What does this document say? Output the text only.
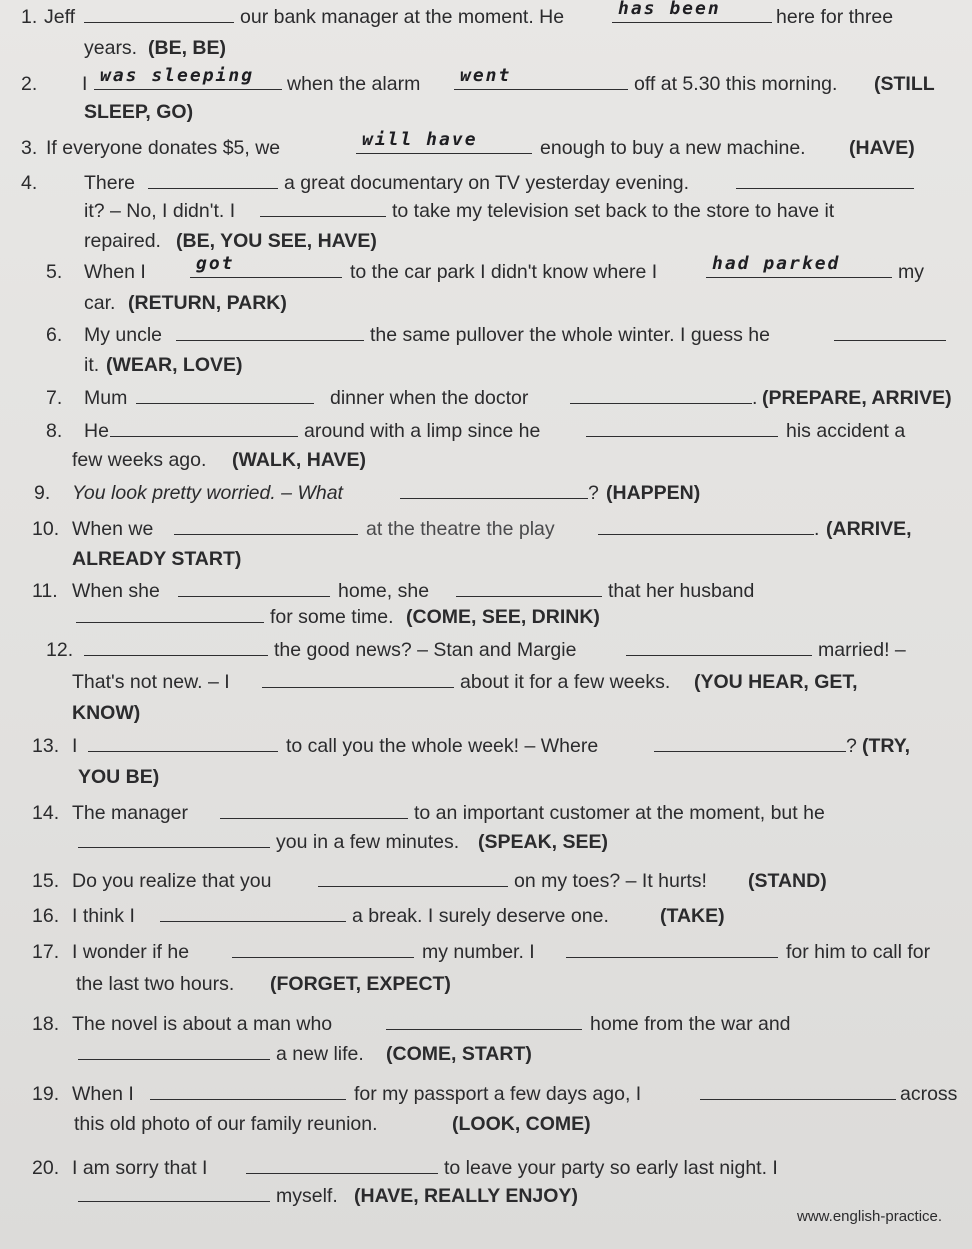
1. Jeff	our bank manager at the moment. He	has been	here for three
years. (BE, BE)
2. I was sleeping when the alarm went	off at 5.30 this morning. (STILL
SLEEP, GO)
3. If everyone donates $5, we	will have	enough to buy a new machine. (HAVE)
4. There	a great documentary on TV yesterday evening.
it? – No, I didn't. I	to take my television set back to the store to have it
repaired. (BE, YOU SEE, HAVE)
5. When I	got	to the car park I didn't know where I	had parked	my
car. (RETURN, PARK)
6. My uncle	the same pullover the whole winter. I guess he
it. (WEAR, LOVE)
7. Mum	dinner when the doctor	. (PREPARE, ARRIVE)
8. He	around with a limp since he	his accident a
few weeks ago. (WALK, HAVE)
9. You look pretty worried. – What	? (HAPPEN)
10. When we	at the theatre the play	. (ARRIVE,
ALREADY START)
11. When she	home, she	that her husband
for some time. (COME, SEE, DRINK)
12.	the good news? – Stan and Margie	married! –
That's not new. – I	about it for a few weeks. (YOU HEAR, GET,
KNOW)
13. I	to call you the whole week! – Where	? (TRY,
YOU BE)
14. The manager	to an important customer at the moment, but he
you in a few minutes. (SPEAK, SEE)
15. Do you realize that you	on my toes? – It hurts! (STAND)
16. I think I	a break. I surely deserve one.	(TAKE)
17. I wonder if he	my number. I	for him to call for
the last two hours. (FORGET, EXPECT)
18. The novel is about a man who	home from the war and
a new life. (COME, START)
19. When I	for my passport a few days ago, I	across
this old photo of our family reunion.	(LOOK, COME)
20. I am sorry that I	to leave your party so early last night. I
myself. (HAVE, REALLY ENJOY)
www.english-practice.
